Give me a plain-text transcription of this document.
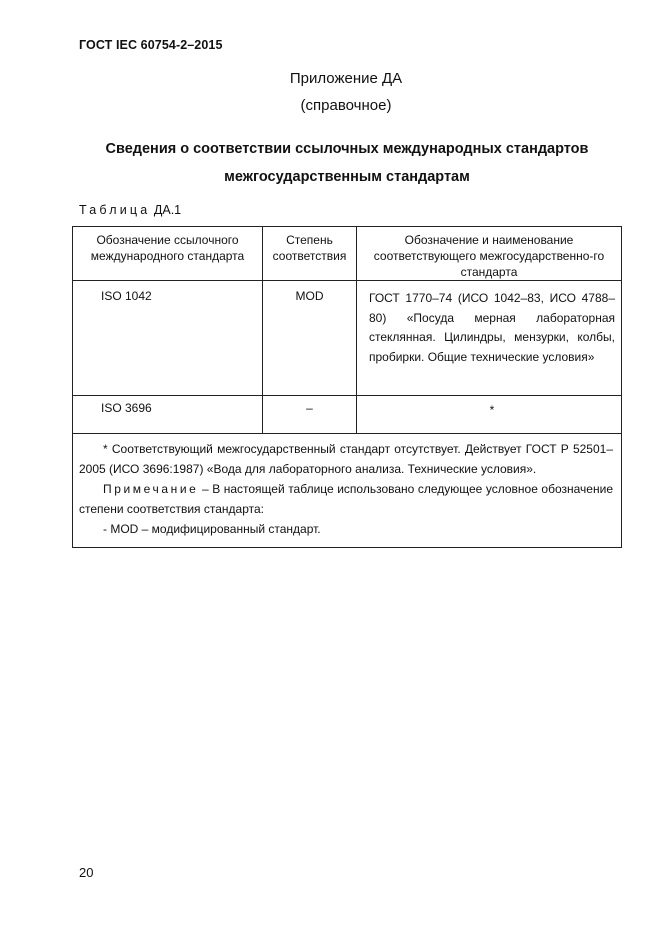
ГОСТ IEC 60754-2–2015
Приложение ДА
(справочное)
Сведения о соответствии ссылочных международных стандартов межгосударственным стандартам
Таблица ДА.1
Обозначение ссылочного международного стандарта	Степень соответствия	Обозначение и наименование соответствующего межгосударственно-го стандарта

ISO 1042	MOD	ГОСТ 1770–74 (ИСО 1042–83, ИСО 4788–80) «Посуда мерная лабораторная стеклянная. Цилиндры, мензурки, колбы, пробирки. Общие технические условия»
ISO 3696	–	*

* Соответствующий межгосударственный стандарт отсутствует. Действует ГОСТ Р 52501–2005 (ИСО 3696:1987) «Вода для лабораторного анализа. Технические условия».

Примечание – В настоящей таблице использовано следующее условное обозначение степени соответствия стандарта:

- MOD – модифицированный стандарт.		

20
